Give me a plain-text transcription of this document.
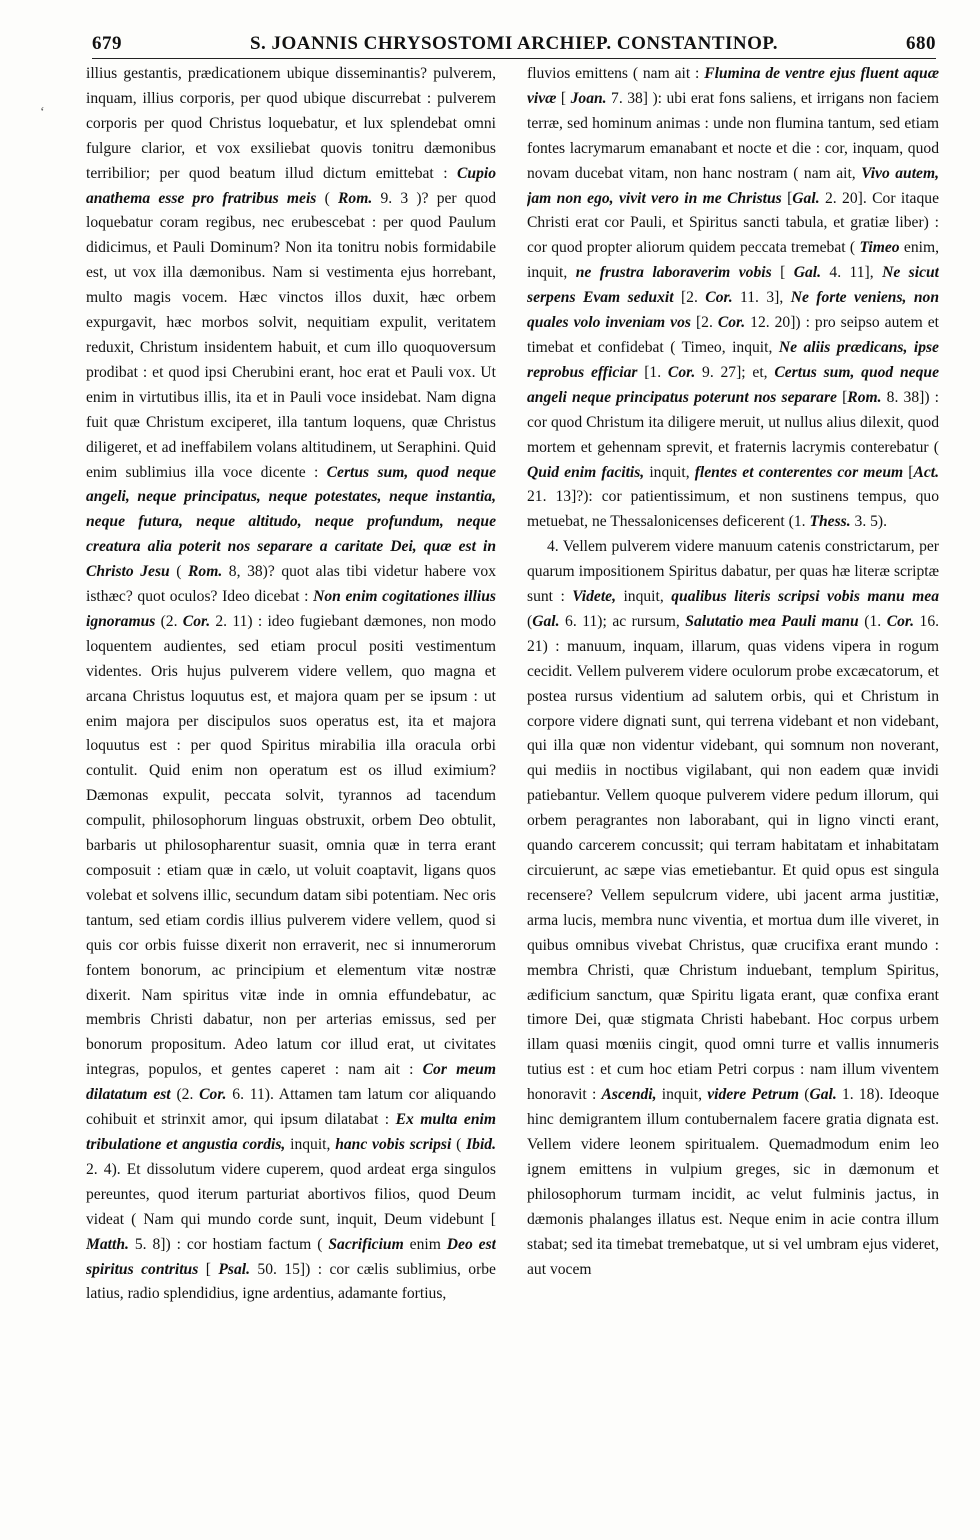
679	S. JOANNIS CHRYSOSTOMI ARCHIEP. CONSTANTINOP.	680
‘

illius gestantis, prædicationem ubique disseminantis? pulverem, inquam, illius corporis, per quod ubique discurrebat : pulverem corporis per quod Christus loquebatur, et lux splendebat omni fulgure clarior, et vox exsiliebat quovis tonitru dæmonibus terribilior; per quod beatum illud dictum emittebat : Cupio anathema esse pro fratribus meis ( Rom. 9. 3 )? per quod loquebatur coram regibus, nec erubescebat : per quod Paulum didicimus, et Pauli Dominum? Non ita tonitru nobis formidabile est, ut vox illa dæmonibus. Nam si vestimenta ejus horrebant, multo magis vocem. Hæc vinctos illos duxit, hæc orbem expurgavit, hæc morbos solvit, nequitiam expulit, veritatem reduxit, Christum insidentem habuit, et cum illo quoquoversum prodibat : et quod ipsi Cherubini erant, hoc erat et Pauli vox. Ut enim in virtutibus illis, ita et in Pauli voce insidebat. Nam digna fuit quæ Christum exciperet, illa tantum loquens, quæ Christus diligeret, et ad ineffabilem volans altitudinem, ut Seraphini. Quid enim sublimius illa voce dicente : Certus sum, quod neque angeli, neque principatus, neque potestates, neque instantia, neque futura, neque altitudo, neque profundum, neque creatura alia poterit nos separare a caritate Dei, quæ est in Christo Jesu ( Rom. 8, 38)? quot alas tibi videtur habere vox isthæc? quot oculos? Ideo dicebat : Non enim cogitationes illius ignoramus (2. Cor. 2. 11) : ideo fugiebant dæmones, non modo loquentem audientes, sed etiam procul positi vestimentum videntes. Oris hujus pulverem videre vellem, quo magna et arcana Christus loquutus est, et majora quam per se ipsum : ut enim majora per discipulos suos operatus est, ita et majora loquutus est : per quod Spiritus mirabilia illa oracula orbi contulit. Quid enim non operatum est os illud eximium? Dæmonas expulit, peccata solvit, tyrannos ad tacendum compulit, philosophorum linguas obstruxit, orbem Deo obtulit, barbaris ut philosopharentur suasit, omnia quæ in terra erant composuit : etiam quæ in cælo, ut voluit coaptavit, ligans quos volebat et solvens illic, secundum datam sibi potentiam. Nec oris tantum, sed etiam cordis illius pulverem videre vellem, quod si quis cor orbis fuisse dixerit non erraverit, nec si innumerorum fontem bonorum, ac principium et elementum vitæ nostræ dixerit. Nam spiritus vitæ inde in omnia effundebatur, ac membris Christi dabatur, non per arterias emissus, sed per bonorum propositum. Adeo latum cor illud erat, ut civitates integras, populos, et gentes caperet : nam ait : Cor meum dilatatum est (2. Cor. 6. 11). Attamen tam latum cor aliquando cohibuit et strinxit amor, qui ipsum dilatabat : Ex multa enim tribulatione et angustia cordis, inquit, hanc vobis scripsi ( Ibid. 2. 4). Et dissolutum videre cuperem, quod ardeat erga singulos pereuntes, quod iterum parturiat abortivos filios, quod Deum videat ( Nam qui mundo corde sunt, inquit, Deum videbunt [ Matth. 5. 8]) : cor hostiam factum ( Sacrificium enim Deo est spiritus contritus [ Psal. 50. 15]) : cor cælis sublimius, orbe latius, radio splendidius, igne ardentius, adamante fortius,

fluvios emittens ( nam ait : Flumina de ventre ejus fluent aquæ vivæ [ Joan. 7. 38] ): ubi erat fons saliens, et irrigans non faciem terræ, sed hominum animas : unde non flumina tantum, sed etiam fontes lacrymarum emanabant et nocte et die : cor, inquam, quod novam ducebat vitam, non hanc nostram ( nam ait, Vivo autem, jam non ego, vivit vero in me Christus [Gal. 2. 20]. Cor itaque Christi erat cor Pauli, et Spiritus sancti tabula, et gratiæ liber) : cor quod propter aliorum quidem peccata tremebat ( Timeo enim, inquit, ne frustra laboraverim vobis [ Gal. 4. 11], Ne sicut serpens Evam seduxit [2. Cor. 11. 3], Ne forte veniens, non quales volo inveniam vos [2. Cor. 12. 20]) : pro seipso autem et timebat et confidebat ( Timeo, inquit, Ne aliis prædicans, ipse reprobus efficiar [1. Cor. 9. 27]; et, Certus sum, quod neque angeli neque principatus poterunt nos separare [Rom. 8. 38]) : cor quod Christum ita diligere meruit, ut nullus alius dilexit, quod mortem et gehennam sprevit, et fraternis lacrymis conterebatur ( Quid enim facitis, inquit, flentes et conterentes cor meum [Act. 21. 13]?): cor patientissimum, et non sustinens tempus, quo metuebat, ne Thessalonicenses deficerent (1. Thess. 3. 5).

4. Vellem pulverem videre manuum catenis constrictarum, per quarum impositionem Spiritus dabatur, per quas hæ literæ scriptæ sunt : Videte, inquit, qualibus literis scripsi vobis manu mea (Gal. 6. 11); ac rursum, Salutatio mea Pauli manu (1. Cor. 16. 21) : manuum, inquam, illarum, quas videns vipera in rogum cecidit. Vellem pulverem videre oculorum probe excæcatorum, et postea rursus videntium ad salutem orbis, qui et Christum in corpore videre dignati sunt, qui terrena videbant et non videbant, qui illa quæ non videntur videbant, qui somnum non noverant, qui mediis in noctibus vigilabant, qui non eadem quæ invidi patiebantur. Vellem quoque pulverem videre pedum illorum, qui orbem peragrantes non laborabant, qui in ligno vincti erant, quando carcerem concussit; qui terram habitatam et inhabitatam circuierunt, ac sæpe vias emetiebantur. Et quid opus est singula recensere? Vellem sepulcrum videre, ubi jacent arma justitiæ, arma lucis, membra nunc viventia, et mortua dum ille viveret, in quibus omnibus vivebat Christus, quæ crucifixa erant mundo : membra Christi, quæ Christum induebant, templum Spiritus, ædificium sanctum, quæ Spiritu ligata erant, quæ confixa erant timore Dei, quæ stigmata Christi habebant. Hoc corpus urbem illam quasi mœniis cingit, quod omni turre et vallis innumeris tutius est : et cum hoc etiam Petri corpus : nam illum viventem honoravit : Ascendi, inquit, videre Petrum (Gal. 1. 18). Ideoque hinc demigrantem illum contubernalem facere gratia dignata est. Vellem videre leonem spiritualem. Quemadmodum enim leo ignem emittens in vulpium greges, sic in dæmonum et philosophorum turmam incidit, ac velut fulminis jactus, in dæmonis phalanges illatus est. Neque enim in acie contra illum stabat; sed ita timebat tremebatque, ut si vel umbram ejus videret, aut vocem
